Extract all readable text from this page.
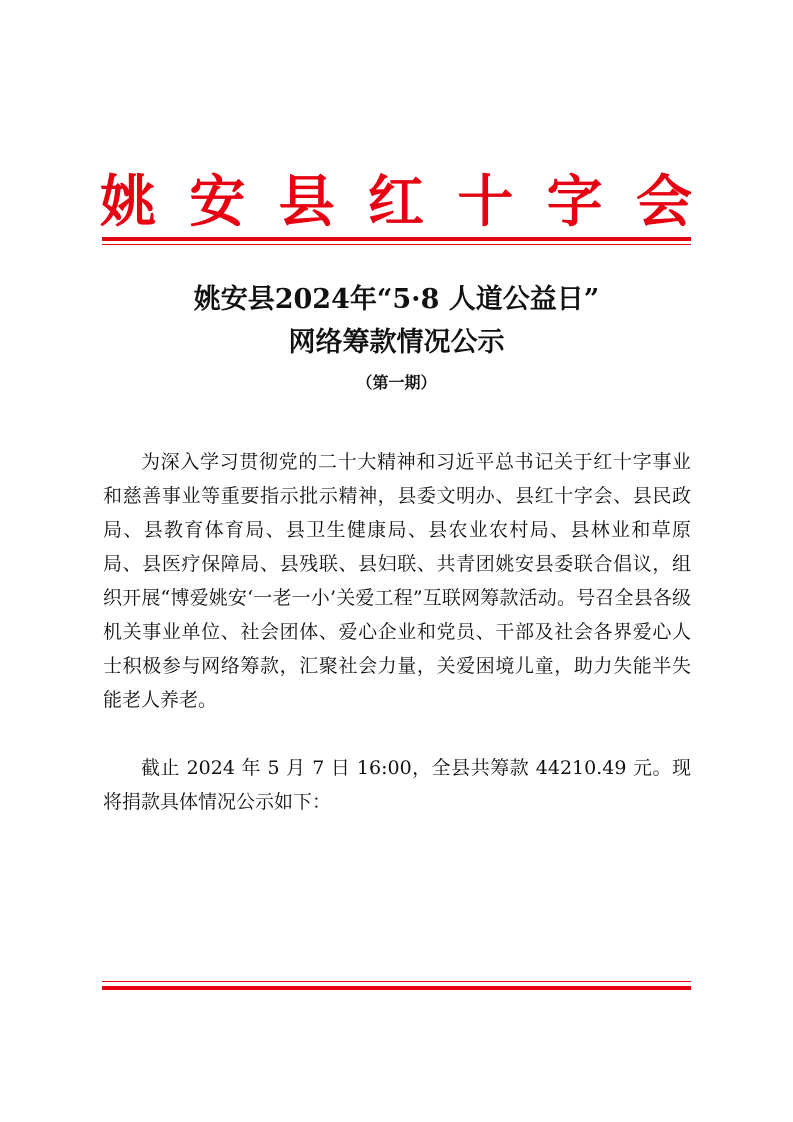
姚 安 县 红 十 字 会
姚安县2024年“5·8 人道公益日”
网络筹款情况公示
（第一期）

为深入学习贯彻党的二十大精神和习近平总书记关于红十字事业和慈善事业等重要指示批示精神，县委文明办、县红十字会、县民政局、县教育体育局、县卫生健康局、县农业农村局、县林业和草原局、县医疗保障局、县残联、县妇联、共青团姚安县委联合倡议，组织开展“博爱姚安‘一老一小’关爱工程”互联网筹款活动。号召全县各级机关事业单位、社会团体、爱心企业和党员、干部及社会各界爱心人士积极参与网络筹款，汇聚社会力量，关爱困境儿童，助力失能半失能老人养老。

截止 2024 年 5 月 7 日 16:00，全县共筹款 44210.49 元。现将捐款具体情况公示如下：
